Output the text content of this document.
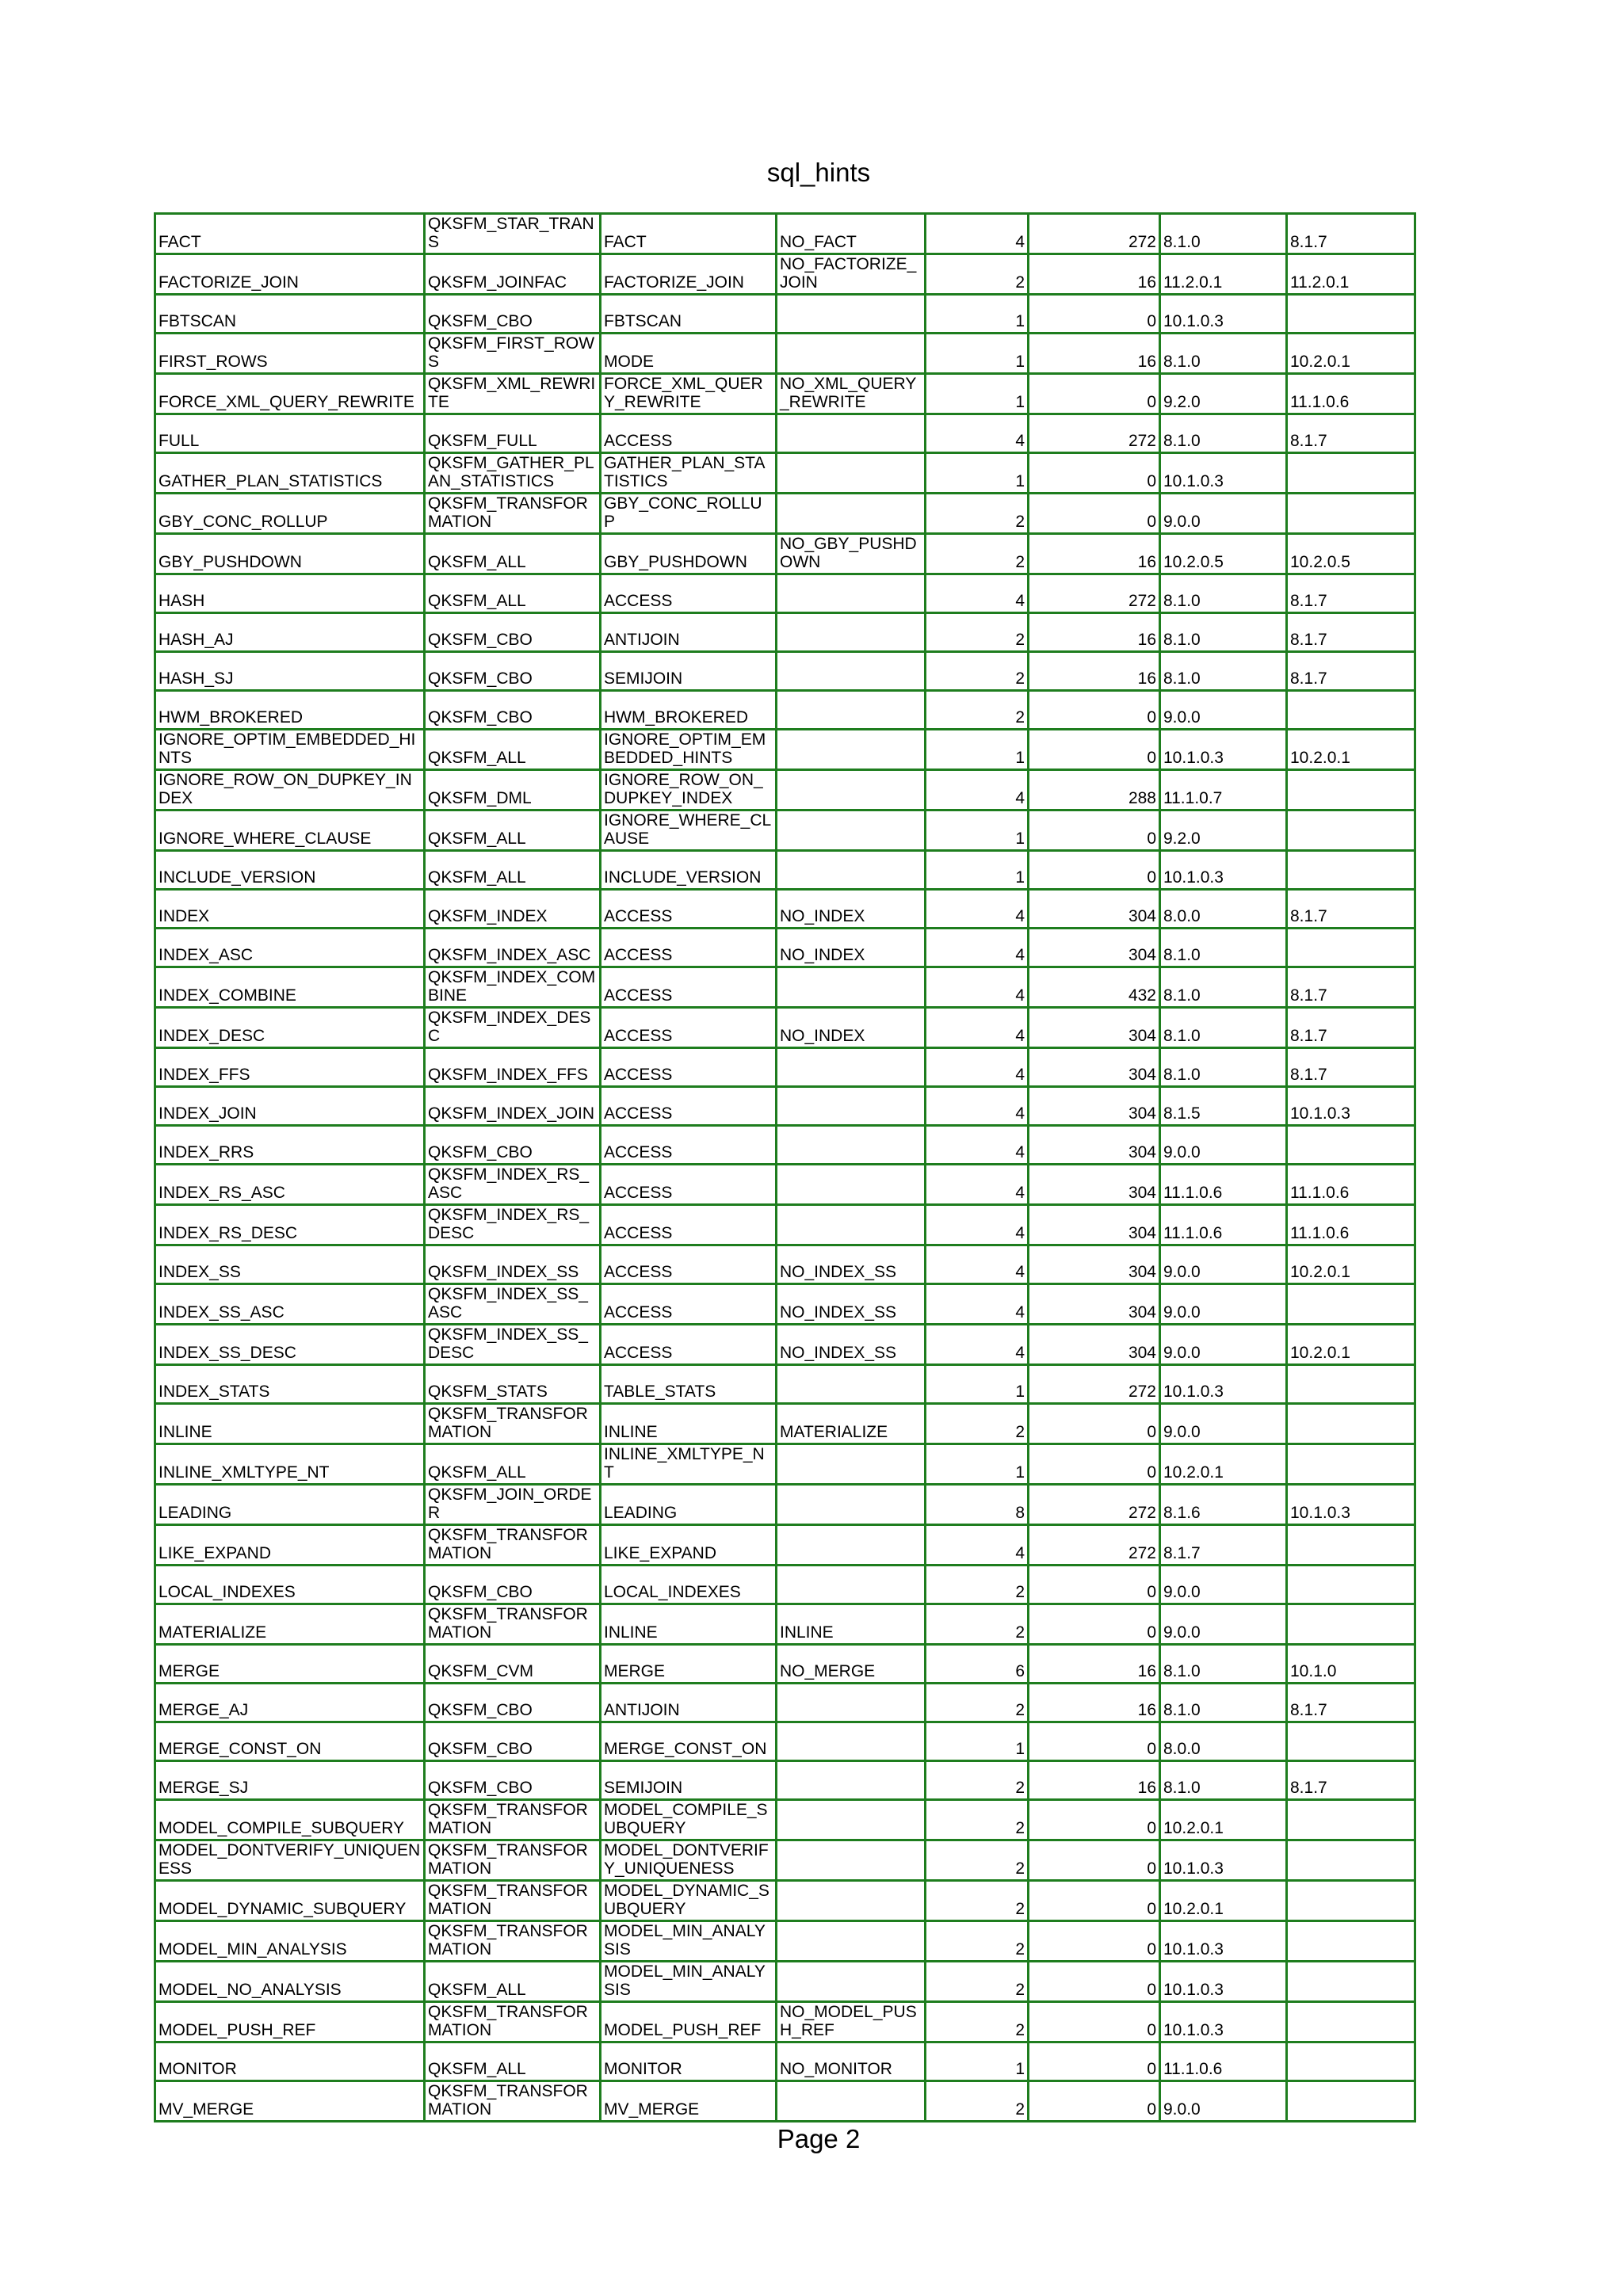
sql_hints
FACT	QKSFM_STAR_TRANS	FACT	NO_FACT	4	272	8.1.0	8.1.7
FACTORIZE_JOIN	QKSFM_JOINFAC	FACTORIZE_JOIN	NO_FACTORIZE_JOIN	2	16	11.2.0.1	11.2.0.1
FBTSCAN	QKSFM_CBO	FBTSCAN		1	0	10.1.0.3	
FIRST_ROWS	QKSFM_FIRST_ROWS	MODE		1	16	8.1.0	10.2.0.1
FORCE_XML_QUERY_REWRITE	QKSFM_XML_REWRITE	FORCE_XML_QUERY_REWRITE	NO_XML_QUERY_REWRITE	1	0	9.2.0	11.1.0.6
FULL	QKSFM_FULL	ACCESS		4	272	8.1.0	8.1.7
GATHER_PLAN_STATISTICS	QKSFM_GATHER_PLAN_STATISTICS	GATHER_PLAN_STATISTICS		1	0	10.1.0.3	
GBY_CONC_ROLLUP	QKSFM_TRANSFORMATION	GBY_CONC_ROLLUP		2	0	9.0.0	
GBY_PUSHDOWN	QKSFM_ALL	GBY_PUSHDOWN	NO_GBY_PUSHDOWN	2	16	10.2.0.5	10.2.0.5
HASH	QKSFM_ALL	ACCESS		4	272	8.1.0	8.1.7
HASH_AJ	QKSFM_CBO	ANTIJOIN		2	16	8.1.0	8.1.7
HASH_SJ	QKSFM_CBO	SEMIJOIN		2	16	8.1.0	8.1.7
HWM_BROKERED	QKSFM_CBO	HWM_BROKERED		2	0	9.0.0	
IGNORE_OPTIM_EMBEDDED_HINTS	QKSFM_ALL	IGNORE_OPTIM_EMBEDDED_HINTS		1	0	10.1.0.3	10.2.0.1
IGNORE_ROW_ON_DUPKEY_INDEX	QKSFM_DML	IGNORE_ROW_ON_DUPKEY_INDEX		4	288	11.1.0.7	
IGNORE_WHERE_CLAUSE	QKSFM_ALL	IGNORE_WHERE_CLAUSE		1	0	9.2.0	
INCLUDE_VERSION	QKSFM_ALL	INCLUDE_VERSION		1	0	10.1.0.3	
INDEX	QKSFM_INDEX	ACCESS	NO_INDEX	4	304	8.0.0	8.1.7
INDEX_ASC	QKSFM_INDEX_ASC	ACCESS	NO_INDEX	4	304	8.1.0	
INDEX_COMBINE	QKSFM_INDEX_COMBINE	ACCESS		4	432	8.1.0	8.1.7
INDEX_DESC	QKSFM_INDEX_DESC	ACCESS	NO_INDEX	4	304	8.1.0	8.1.7
INDEX_FFS	QKSFM_INDEX_FFS	ACCESS		4	304	8.1.0	8.1.7
INDEX_JOIN	QKSFM_INDEX_JOIN	ACCESS		4	304	8.1.5	10.1.0.3
INDEX_RRS	QKSFM_CBO	ACCESS		4	304	9.0.0	
INDEX_RS_ASC	QKSFM_INDEX_RS_ASC	ACCESS		4	304	11.1.0.6	11.1.0.6
INDEX_RS_DESC	QKSFM_INDEX_RS_DESC	ACCESS		4	304	11.1.0.6	11.1.0.6
INDEX_SS	QKSFM_INDEX_SS	ACCESS	NO_INDEX_SS	4	304	9.0.0	10.2.0.1
INDEX_SS_ASC	QKSFM_INDEX_SS_ASC	ACCESS	NO_INDEX_SS	4	304	9.0.0	
INDEX_SS_DESC	QKSFM_INDEX_SS_DESC	ACCESS	NO_INDEX_SS	4	304	9.0.0	10.2.0.1
INDEX_STATS	QKSFM_STATS	TABLE_STATS		1	272	10.1.0.3	
INLINE	QKSFM_TRANSFORMATION	INLINE	MATERIALIZE	2	0	9.0.0	
INLINE_XMLTYPE_NT	QKSFM_ALL	INLINE_XMLTYPE_NT		1	0	10.2.0.1	
LEADING	QKSFM_JOIN_ORDER	LEADING		8	272	8.1.6	10.1.0.3
LIKE_EXPAND	QKSFM_TRANSFORMATION	LIKE_EXPAND		4	272	8.1.7	
LOCAL_INDEXES	QKSFM_CBO	LOCAL_INDEXES		2	0	9.0.0	
MATERIALIZE	QKSFM_TRANSFORMATION	INLINE	INLINE	2	0	9.0.0	
MERGE	QKSFM_CVM	MERGE	NO_MERGE	6	16	8.1.0	10.1.0
MERGE_AJ	QKSFM_CBO	ANTIJOIN		2	16	8.1.0	8.1.7
MERGE_CONST_ON	QKSFM_CBO	MERGE_CONST_ON		1	0	8.0.0	
MERGE_SJ	QKSFM_CBO	SEMIJOIN		2	16	8.1.0	8.1.7
MODEL_COMPILE_SUBQUERY	QKSFM_TRANSFORMATION	MODEL_COMPILE_SUBQUERY		2	0	10.2.0.1	
MODEL_DONTVERIFY_UNIQUENESS	QKSFM_TRANSFORMATION	MODEL_DONTVERIFY_UNIQUENESS		2	0	10.1.0.3	
MODEL_DYNAMIC_SUBQUERY	QKSFM_TRANSFORMATION	MODEL_DYNAMIC_SUBQUERY		2	0	10.2.0.1	
MODEL_MIN_ANALYSIS	QKSFM_TRANSFORMATION	MODEL_MIN_ANALYSIS		2	0	10.1.0.3	
MODEL_NO_ANALYSIS	QKSFM_ALL	MODEL_MIN_ANALYSIS		2	0	10.1.0.3	
MODEL_PUSH_REF	QKSFM_TRANSFORMATION	MODEL_PUSH_REF	NO_MODEL_PUSH_REF	2	0	10.1.0.3	
MONITOR	QKSFM_ALL	MONITOR	NO_MONITOR	1	0	11.1.0.6	
MV_MERGE	QKSFM_TRANSFORMATION	MV_MERGE		2	0	9.0.0	
Page 2
